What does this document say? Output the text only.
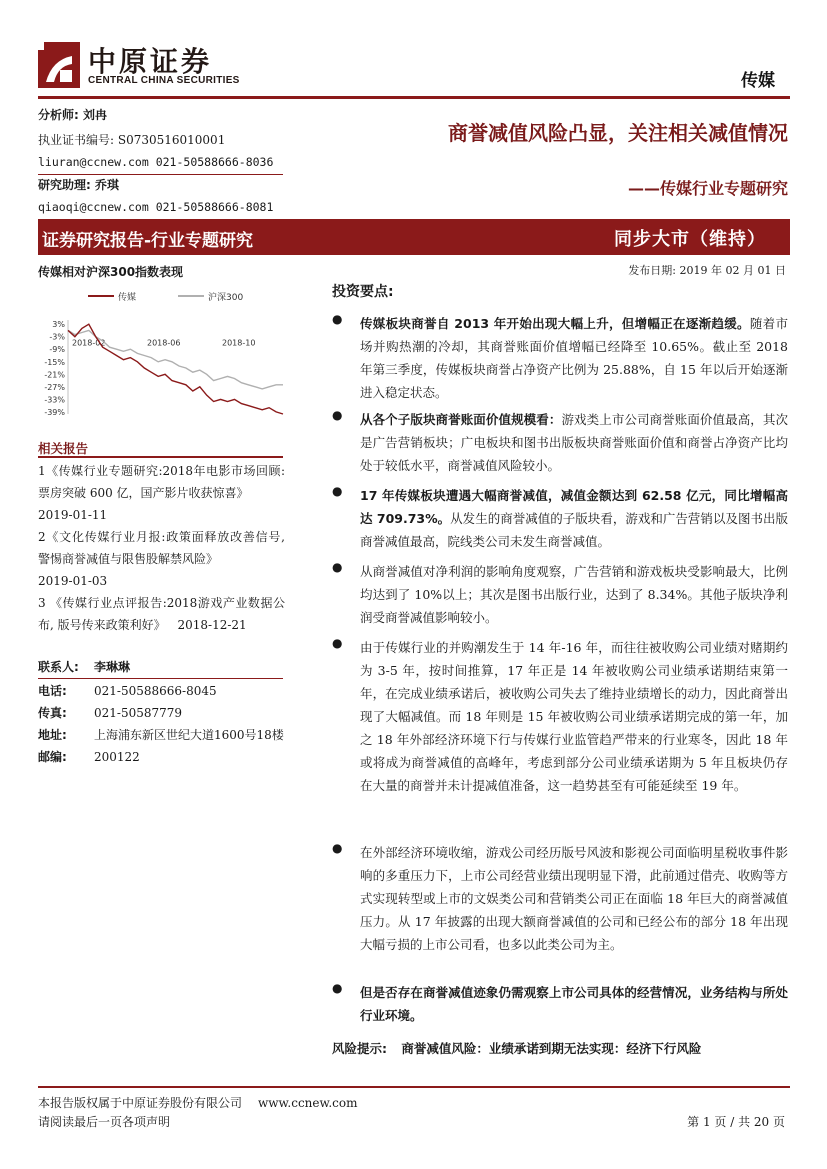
中原证券
CENTRAL CHINA SECURITIES	传媒
分析师: 刘冉
执业证书编号: S0730516010001
liuran@ccnew.com 021-50588666-8036
研究助理: 乔琪
qiaoqi@ccnew.com 021-50588666-8081
商誉减值风险凸显，关注相关减值情况
——传媒行业专题研究
证券研究报告-行业专题研究	同步大市（维持）
传媒相对沪深300指数表现	发布日期: 2019 年 02 月 01 日
传媒	沪深300
3%
-3%
-9%
-15%
-21%
-27%
-33%
-39%
2018-02	2018-06	2018-10
相关报告
1《传媒行业专题研究:2018年电影市场回顾: 票房突破 600 亿，国产影片收获惊喜》
2019-01-11
2《文化传媒行业月报:政策面释放改善信号, 警惕商誉减值与限售股解禁风险》
2019-01-03
3 《传媒行业点评报告:2018游戏产业数据公布, 版号传来政策利好》 2018-12-21
联系人: 李琳琳
电话: 021-50588666-8045
传真: 021-50587779
地址: 上海浦东新区世纪大道1600号18楼
邮编: 200122
投资要点:
● 传媒板块商誉自 2013 年开始出现大幅上升，但增幅正在逐渐趋缓。随着市场并购热潮的冷却，其商誉账面价值增幅已经降至 10.65%。截止至 2018 年第三季度，传媒板块商誉占净资产比例为 25.88%，自 15 年以后开始逐渐进入稳定状态。
● 从各个子版块商誉账面价值规模看：游戏类上市公司商誉账面价值最高，其次是广告营销板块；广电板块和图书出版板块商誉账面价值和商誉占净资产比均处于较低水平，商誉减值风险较小。
● 17 年传媒板块遭遇大幅商誉减值，减值金额达到 62.58 亿元，同比增幅高达 709.73%。从发生的商誉减值的子版块看，游戏和广告营销以及图书出版商誉减值最高，院线类公司未发生商誉减值。
● 从商誉减值对净利润的影响角度观察，广告营销和游戏板块受影响最大，比例均达到了 10%以上；其次是图书出版行业，达到了 8.34%。其他子版块净利润受商誉减值影响较小。
● 由于传媒行业的并购潮发生于 14 年-16 年，而往往被收购公司业绩对赌期约为 3-5 年，按时间推算，17 年正是 14 年被收购公司业绩承诺期结束第一年，在完成业绩承诺后，被收购公司失去了维持业绩增长的动力，因此商誉出现了大幅减值。而 18 年则是 15 年被收购公司业绩承诺期完成的第一年，加之 18 年外部经济环境下行与传媒行业监管趋严带来的行业寒冬，因此 18 年或将成为商誉减值的高峰年，考虑到部分公司业绩承诺期为 5 年且板块仍存在大量的商誉并未计提减值准备，这一趋势甚至有可能延续至 19 年。
● 在外部经济环境收缩，游戏公司经历版号风波和影视公司面临明星税收事件影响的多重压力下，上市公司经营业绩出现明显下滑，此前通过借壳、收购等方式实现转型或上市的文娱类公司和营销类公司正在面临 18 年巨大的商誉减值压力。从 17 年披露的出现大额商誉减值的公司和已经公布的部分 18 年出现大幅亏损的上市公司看，也多以此类公司为主。
● 但是否存在商誉减值迹象仍需观察上市公司具体的经营情况，业务结构与所处行业环境。
风险提示: 商誉减值风险：业绩承诺到期无法实现：经济下行风险
本报告版权属于中原证券股份有限公司 www.ccnew.com
请阅读最后一页各项声明	第 1 页 / 共 20 页
